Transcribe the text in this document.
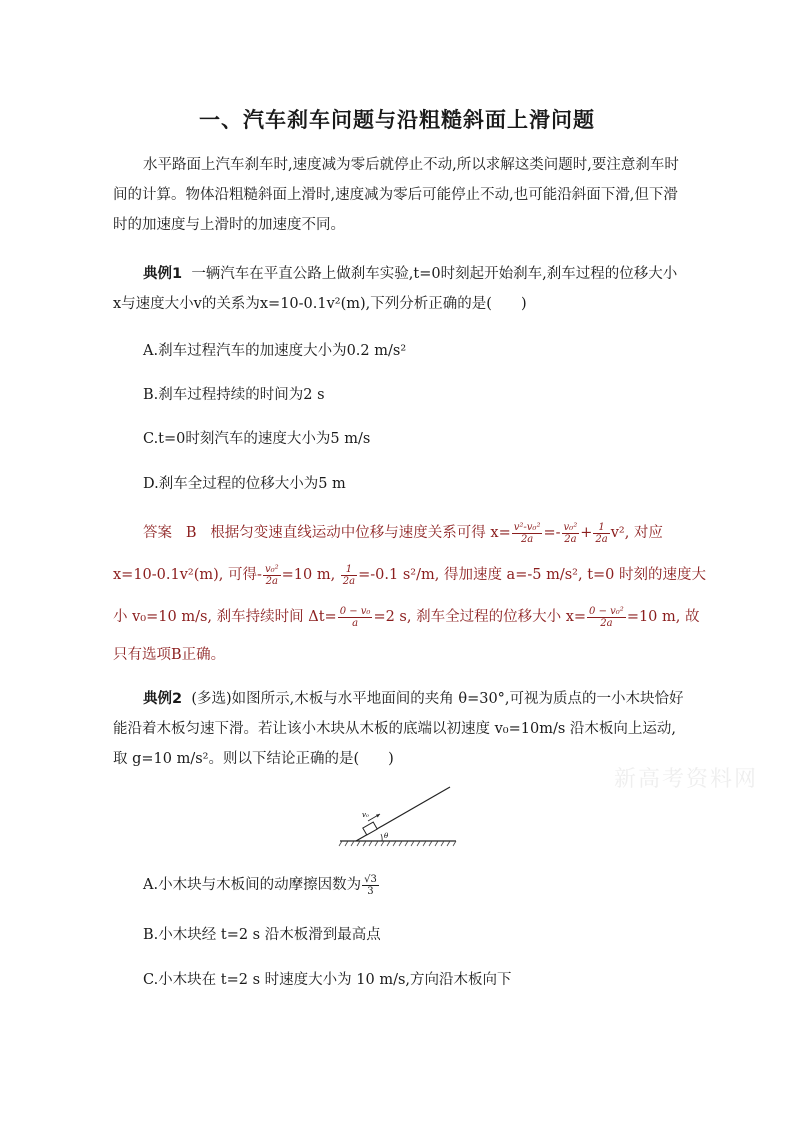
一、汽车刹车问题与沿粗糙斜面上滑问题
水平路面上汽车刹车时,速度减为零后就停止不动,所以求解这类问题时,要注意刹车时间的计算。物体沿粗糙斜面上滑时,速度减为零后可能停止不动,也可能沿斜面下滑,但下滑时的加速度与上滑时的加速度不同。
典例1 一辆汽车在平直公路上做刹车实验,t=0时刻起开始刹车,刹车过程的位移大小x与速度大小v的关系为x=10-0.1v²(m),下列分析正确的是(　　)
A.刹车过程汽车的加速度大小为0.2 m/s²
B.刹车过程持续的时间为2 s
C.t=0时刻汽车的速度大小为5 m/s
D.刹车全过程的位移大小为5 m
答案 B 根据匀变速直线运动中位移与速度关系可得 $x= \frac{\text{v²-v₀²}}{2a} =- \frac{\text{v₀²}}{2a} + \frac{1}{2a} v^2$, 对应
x=10-0.1v²(m), 可得- $\frac{\text{v₀²}}{2a} =10$ m, $\frac{1}{2a} =-0.1$ s²/m, 得加速度 a=-5 m/s², t=0 时刻的速度大
小 v₀=10 m/s, 刹车持续时间 $\Delta t= \frac{\text{0 − v₀}}{a} =2$ s, 刹车全过程的位移大小 $x= \frac{\text{0 − v₀²}}{2a} =10$ m, 故
只有选项B正确。
典例2 (多选)如图所示,木板与水平地面间的夹角 θ=30°,可视为质点的一小木块恰好能沿着木板匀速下滑。若让该小木块从木板的底端以初速度 v₀=10m/s 沿木板向上运动,取 g=10 m/s²。则以下结论正确的是(　　)
新高考资料网
v₀
θ
A.小木块与木板间的动摩擦因数为 $\frac{√3}{3}$
B.小木块经 t=2 s 沿木板滑到最高点
C.小木块在 t=2 s 时速度大小为 10 m/s,方向沿木板向下
